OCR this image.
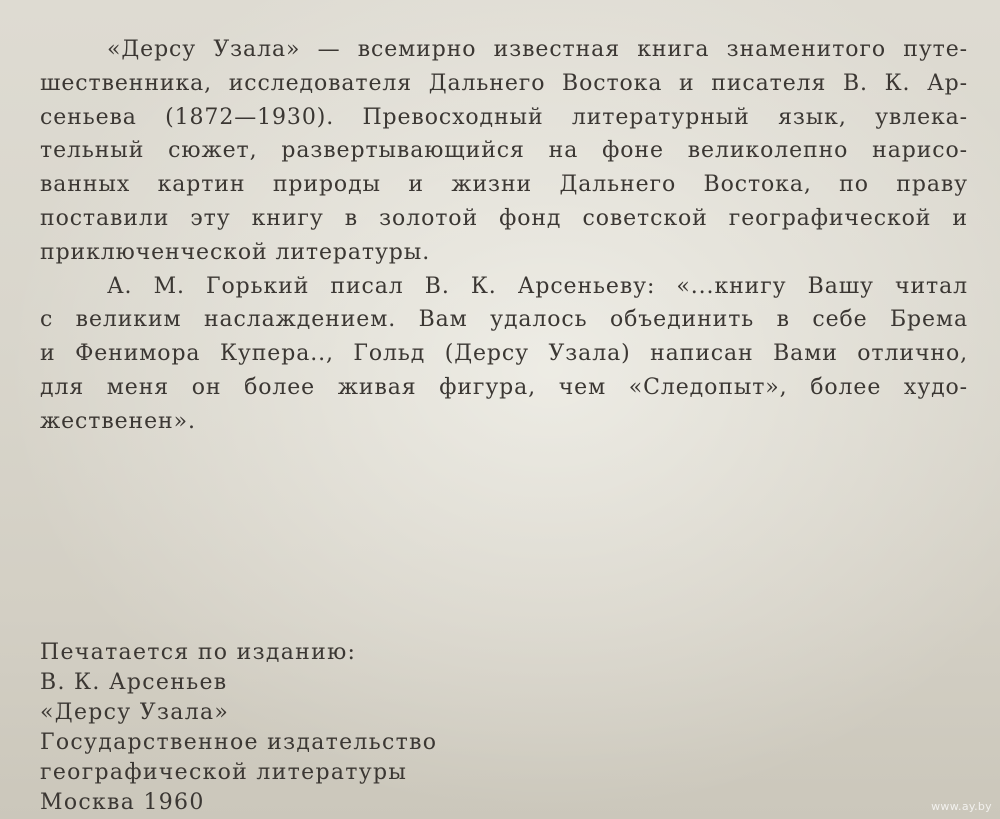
«Дерсу Узала» — всемирно известная книга знаменитого путе-
шественника, исследователя Дальнего Востока и писателя В. К. Ар-
сеньева (1872—1930). Превосходный литературный язык, увлека-
тельный сюжет, развертывающийся на фоне великолепно нарисо-
ванных картин природы и жизни Дальнего Востока, по праву
поставили эту книгу в золотой фонд советской географической и
приключенческой литературы.
А. М. Горький писал В. К. Арсеньеву: «...книгу Вашу читал
с великим наслаждением. Вам удалось объединить в себе Брема
и Фенимора Купера.., Гольд (Дерсу Узала) написан Вами отлично,
для меня он более живая фигура, чем «Следопыт», более худо-
жественен».
Печатается по изданию:
В. К. Арсеньев
«Дерсу Узала»
Государственное издательство
географической литературы
Москва 1960	www.ay.by
